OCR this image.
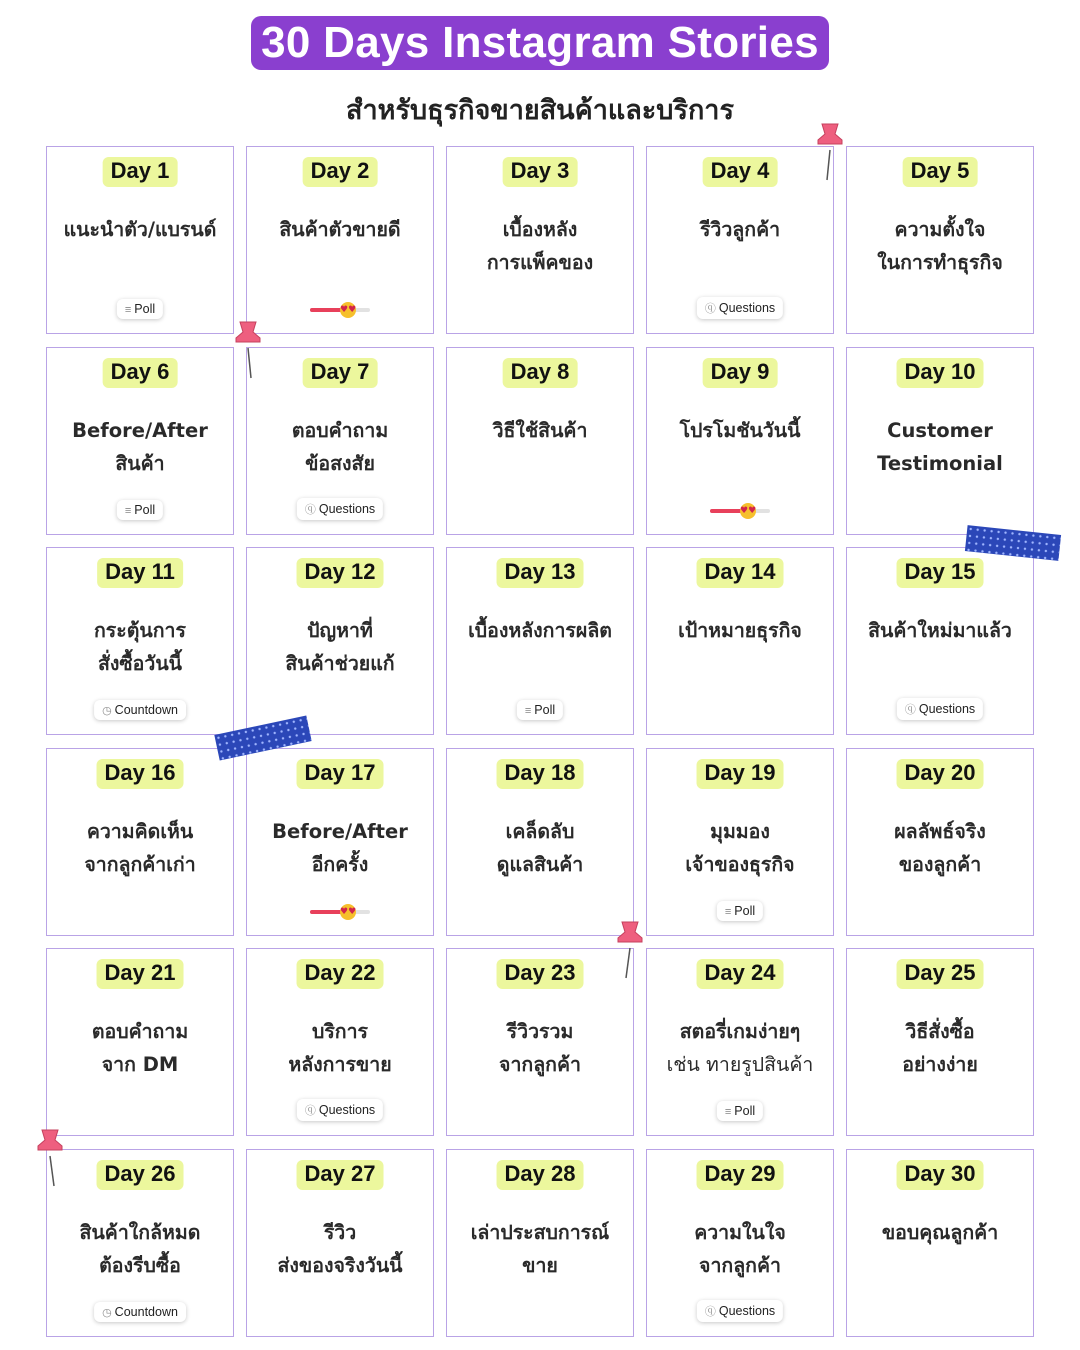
30 Days Instagram Stories
สำหรับธุรกิจขายสินค้าและบริการ
Day 1
แนะนำตัว/แบรนด์
≡ Poll
Day 2
สินค้าตัวขายดี
♥♥
Day 3
เบื้องหลัง
การแพ็คของ
Day 4
รีวิวลูกค้า
ⓠ Questions
Day 5
ความตั้งใจ
ในการทำธุรกิจ
Day 6
Before/After
สินค้า
≡ Poll
Day 7
ตอบคำถาม
ข้อสงสัย
ⓠ Questions
Day 8
วิธีใช้สินค้า
Day 9
โปรโมชันวันนี้
♥♥
Day 10
Customer
Testimonial
Day 11
กระตุ้นการ
สั่งซื้อวันนี้
◷ Countdown
Day 12
ปัญหาที่
สินค้าช่วยแก้
Day 13
เบื้องหลังการผลิต
≡ Poll
Day 14
เป้าหมายธุรกิจ
Day 15
สินค้าใหม่มาแล้ว
ⓠ Questions
Day 16
ความคิดเห็น
จากลูกค้าเก่า
Day 17
Before/After
อีกครั้ง
♥♥
Day 18
เคล็ดลับ
ดูแลสินค้า
Day 19
มุมมอง
เจ้าของธุรกิจ
≡ Poll
Day 20
ผลลัพธ์จริง
ของลูกค้า
Day 21
ตอบคำถาม
จาก DM
Day 22
บริการ
หลังการขาย
ⓠ Questions
Day 23
รีวิวรวม
จากลูกค้า
Day 24
สตอรี่เกมง่ายๆ
เช่น ทายรูปสินค้า
≡ Poll
Day 25
วิธีสั่งซื้อ
อย่างง่าย
Day 26
สินค้าใกล้หมด
ต้องรีบซื้อ
◷ Countdown
Day 27
รีวิว
ส่งของจริงวันนี้
Day 28
เล่าประสบการณ์
ขาย
Day 29
ความในใจ
จากลูกค้า
ⓠ Questions
Day 30
ขอบคุณลูกค้า
